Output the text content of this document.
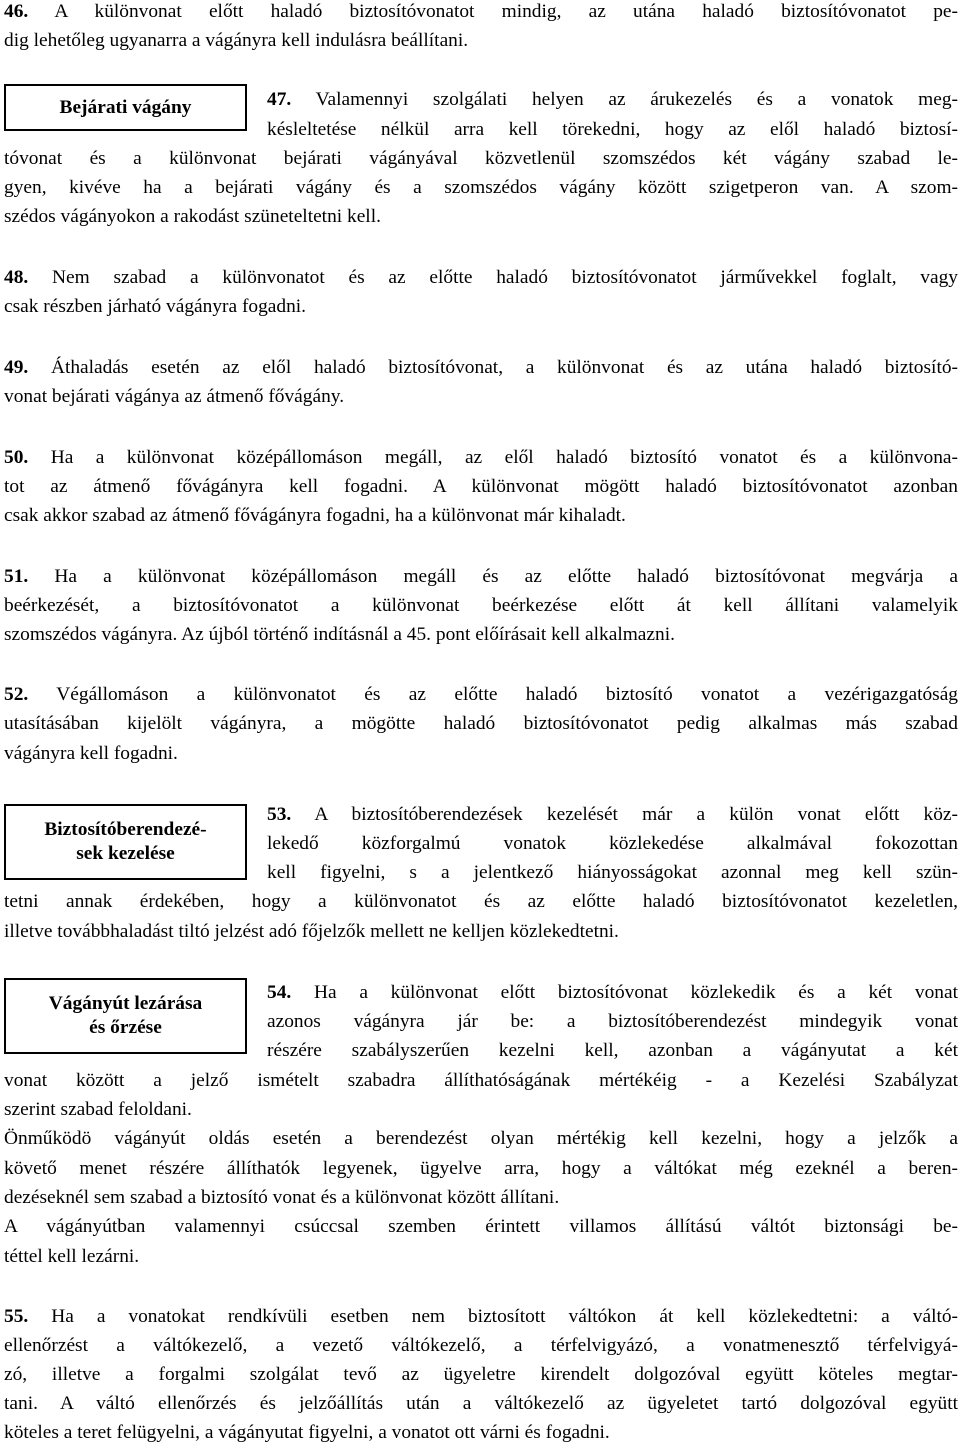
46. A különvonat előtt haladó biztosítóvonatot mindig, az utána haladó biztosítóvonatot pe-
dig lehetőleg ugyanarra a vágányra kell indulásra beállítani.
Bejárati vágány	47. Valamennyi szolgálati helyen az árukezelés és a vonatok meg-
késleltetése nélkül arra kell törekedni, hogy az elől haladó biztosí-
tóvonat és a különvonat bejárati vágányával közvetlenül szomszédos két vágány szabad le-
gyen, kivéve ha a bejárati vágány és a szomszédos vágány között szigetperon van. A szom-
szédos vágányokon a rakodást szüneteltetni kell.
48. Nem szabad a különvonatot és az előtte haladó biztosítóvonatot járművekkel foglalt, vagy
csak részben járható vágányra fogadni.
49. Áthaladás esetén az elől haladó biztosítóvonat, a különvonat és az utána haladó biztosító-
vonat bejárati vágánya az átmenő fővágány.
50. Ha a különvonat középállomáson megáll, az elől haladó biztosító vonatot és a különvona-
tot az átmenő fővágányra kell fogadni. A különvonat mögött haladó biztosítóvonatot azonban
csak akkor szabad az átmenő fővágányra fogadni, ha a különvonat már kihaladt.
51. Ha a különvonat középállomáson megáll és az előtte haladó biztosítóvonat megvárja a
beérkezését, a biztosítóvonatot a különvonat beérkezése előtt át kell állítani valamelyik
szomszédos vágányra. Az újból történő indításnál a 45. pont előírásait kell alkalmazni.
52. Végállomáson a különvonatot és az előtte haladó biztosító vonatot a vezérigazgatóság
utasításában kijelölt vágányra, a mögötte haladó biztosítóvonatot pedig alkalmas más szabad
vágányra kell fogadni.
Biztosítóberendezé-
sek kezelése
53. A biztosítóberendezések kezelését már a külön vonat előtt köz-
lekedő közforgalmú vonatok közlekedése alkalmával fokozottan
kell figyelni, s a jelentkező hiányosságokat azonnal meg kell szün-
tetni annak érdekében, hogy a különvonatot és az előtte haladó biztosítóvonatot kezeletlen,
illetve továbbhaladást tiltó jelzést adó főjelzők mellett ne kelljen közlekedtetni.
Vágányút lezárása
és őrzése
54. Ha a különvonat előtt biztosítóvonat közlekedik és a két vonat
azonos vágányra jár be: a biztosítóberendezést mindegyik vonat
részére szabályszerűen kezelni kell, azonban a vágányutat a két
vonat között a jelző ismételt szabadra állíthatóságának mértékéig - a Kezelési Szabályzat
szerint szabad feloldani.
Önműködö vágányút oldás esetén a berendezést olyan mértékig kell kezelni, hogy a jelzők a
követő menet részére állíthatók legyenek, ügyelve arra, hogy a váltókat még ezeknél a beren-
dezéseknél sem szabad a biztosító vonat és a különvonat között állítani.
A vágányútban valamennyi csúccsal szemben érintett villamos állítású váltót biztonsági be-
téttel kell lezárni.
55. Ha a vonatokat rendkívüli esetben nem biztosított váltókon át kell közlekedtetni: a váltó-
ellenőrzést a váltókezelő, a vezető váltókezelő, a térfelvigyázó, a vonatmenesztő térfelvigyá-
zó, illetve a forgalmi szolgálat tevő az ügyeletre kirendelt dolgozóval együtt köteles megtar-
tani. A váltó ellenőrzés és jelzőállítás után a váltókezelő az ügyeletet tartó dolgozóval együtt
köteles a teret felügyelni, a vágányutat figyelni, a vonatot ott várni és fogadni.
